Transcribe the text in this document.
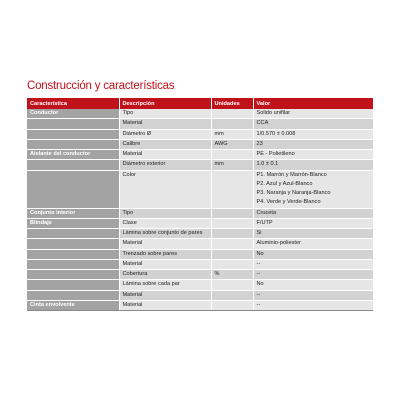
Construcción y características
Característica	Descripción	Unidades	Valor
Conductor	Tipo		Solido unifilar
	Material		CCA
	Diámetro Ø	mm	1/0.570 ± 0.008
	Calibre	AWG	23
Aislante del conductor	Material		PE - Polietileno
	Diámetro exterior	mm	1.0 ± 0.1
	Color		P1. Marrón y Marrón-Blanco
P2. Azul y Azul-Blanco
P3. Naranja y Naranja-Blanco
P4. Verde y Verde-Blanco

Conjunto interior	Tipo		Cruceta
Blindaje	Clase		F/UTP
	Lámina sobre conjunto de pares		Si
	Material		Aluminio-poliester
	Trenzado sobre pares		No
	Material		--
	Cobertura	%	--
	Lámina sobre cada par		No
	Material		--
Cinta envolvente	Material		--
